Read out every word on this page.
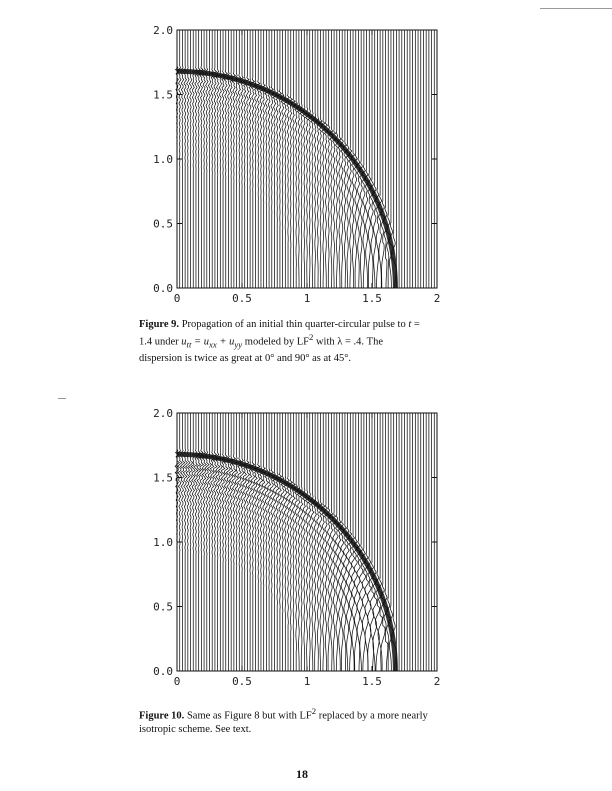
0	0.5	1	1.5	2
2.0
1.5
1.0
0.5
0.0
0	0.5	1	1.5	2
2.0
1.5
1.0
0.5
0.0
Figure 9. Propagation of an initial thin quarter-circular pulse to t =
1.4 under $u_{tt} = u_{xx} + u_{yy}$ modeled by $LF^2$ with λ = .4. The
dispersion is twice as great at 0° and 90° as at 45°.
Figure 10. Same as Figure 8 but with $LF^2$ replaced by a more nearly
isotropic scheme. See text.
18
